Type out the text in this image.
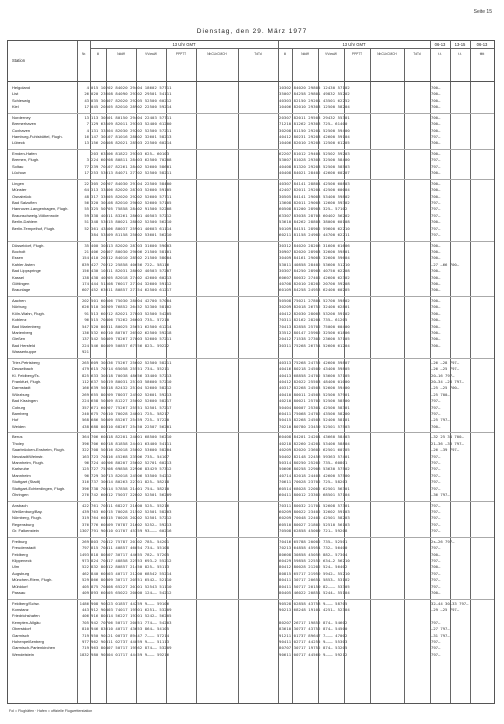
Seite 15
Dienstag, den 29. März 1977
Station
13 Uhr GMT	13 Uhr GMT	06-13	13-15	06-13
Nr.	iii	Nddff	VVwwW	PPPTT	NhCLhCMCH	TdTd	iii	Nddff	VVwwW	PPPTT	NhCLhCMCH	TdTd	t.t.	t.t.	ttttt
Helgoland	4 015 10202 84020 29404 18602 57711	10302 84020 29805 12430 57102	700—
List	26 020 23608 84090 29302 29501 54111	35007 84258 29801 49832 55202	700—
Schleswig	43 035 30407 82020 29205 52500 60212	40303 82150 29201 43501 62252	700—
Kiel	17 045 20505 82010 28902 22500 59214	10406 82010 29303 12500 58204	700—
Norderney	13 113 30501 80150 29404 22403 57711	20307 82011 29503 29432 55301	700—
Bremerhaven	7 129 63509 82011 29303 52400 61200	71210 81262 29303 725— 61400	700—
Cuxhaven	4 131 33304 82030 29202 52500 57211	30208 81150 29201 52500 59400	700—
Hamburg-Fuhlsbüttel, Flugh.	16 147 30107 81016 28802 32601 58213	40412 80231 29203 42600 59104	797—
Lübeck	13 156 20408 82021 28503 22500 60214	10406 82010 29203 12500 61205	700—
Emden-Hafen	203 63306 81822 29303 625— 60103	62207 81012 29404 52502 59203	700—
Bremen, Flugh.	3 224 60208 80811 28403 62500 70208	53007 81028 29303 32500 58400	797—
Soltau	77 239 70107 82261 28402 52600 58601	40408 81320 29203 52500 58503	797—
Lüchow	17 253 53613 84071 27702 52500 58211	40408 84021 28402 42600 60207	700—
Lingen	22 305 20207 84030 29104 22500 58400	40307 84141 28804 42500 60803	700—
Münster	64 313 33406 82020 28703 52600 59105	42407 82011 29204 42500 60004	700—
Osnabrück	48 317 33605 82020 29202 52600 57711	30505 84141 29003 53400 59802	700—
Bad Salzuflen	56 320 30108 82010 29002 52600 57105	13608 82011 29003 12600 59302	797—
Hannover-Langenhagen, Flugh.	55 325 50705 75858 28402 91500 52208	60508 81200 28903 325— 57102	797—
Braunschweig-Völkenrode	59 338 40311 83261 28601 40503 57212	63307 83038 28703 60402 56202	797—
Berlin-Dahlem	51 348 53615 80021 28802 52500 56210	53610 84262 28803 38000 60108	700—
Berlin-Tempelhof, Flugh.	52 361 43506 80037 25901 40603 61114	50109 84151 28902 59600 62210	797—
384 53509 81158 25802 53601 56210	60211 81158 24902 44700 62211	797—
Düsseldorf, Flugh.	35 400 30413 82020 28703 31600 59003	30312 84020 28206 31600 61606	700—
Bocholt	21 406 20407 80030 29006 21500 58101	30907 82020 28903 32600 59801	700—
Essen	154 410 20312 84010 28502 21500 58004	30409 84161 29003 32600 59604	700—
Kahler Asten	839 427 70212 25858 40656 722— 58116	53011 40858 28402 53600 51210	—27 —66 700—
Bad Lippspringe	156 430 10311 82031 28002 40503 57207	30307 84250 28903 40750 62208	700—
Kassel	138 438 40205 82018 27402 42600 60213	60607 80032 27402 42600 62302	700—
Göttingen	174 444 51508 76017 27104 32600 59112	40708 82010 28202 20700 59208	700—
Braunlage	607 452 63611 80857 27154 62500 61217	60109 84258 24953 62400 60205	700—
Aachen	202 501 60506 75030 28004 42700 57004	50508 75021 27804 52700 59802	700—
Nürburg	626 510 30209 76852 26452 52300 58102	30209 82018 26752 32400 62801	700—
Köln-Wahn, Flugh.	91 513 60212 82021 27803 52500 54205	40412 82030 28003 53200 59102	700—
Koblenz	96 515 70406 75262 26603 735— 57210	70311 82162 28204 735— 61205	700—
Bad Marienberg	547 520 80311 80025 25651 62500 61214	70413 82858 25702 75000 60400	700—
Marienberg	136 532 60210 80707 26502 62500 59218	33512 80147 25902 32500 61806	700—
Gießen	137 542 50409 78267 27003 52600 57211	20412 71538 27302 23600 57105	700—
Bad Hersfeld	224 546 80409 50857 67556 823— 59222	30311 75268 26754 52600 61204	700—
Wasserkuppe	921
Trier-Petrisberg	265 609 30536 75267 25602 52500 58211	40313 75268 24755 42600 59807	—26 —28 797—
Deuselbach	479 615 70214 65058 25551 734— 55211	40416 80218 24500 43400 59805	—26 —25 797—
Kl. Feldberg/Ts.	825 633 30518 70038 48656 33400 57213	40413 68858 24702 53600 57105	20—16 797—
Frankfurt, Flugh.	112 637 50319 80031 25103 58600 57210	40412 82022 25503 48400 01000	20—34 —28 797—
Darmstadt	166 639 50318 82432 25104 52600 58212	40317 82268 24503 52600 59400	—25 —25 700—
Würzburg	269 655 80209 78037 24502 52601 59213	40410 80011 24503 52500 57901	—25 700—
Bad Kissingen	224 658 50309 81227 25002 52600 58217	40210 80021 25702 52500 58500	797—
Coburg	357 671 60207 75267 25551 52501 57217	50404 80007 25301 42500 58301	797—
Bamberg	240 675 70510 70028 24801 725— 58217	60411 75068 24702 43500 58200	797—
Hof	568 686 50509 85267 25459 725— 57220	50415 82268 24503 52400 58101	—25 797—
Weiden	438 688 80310 68267 25450 22507 56201	70210 80780 23450 52501 57503	700—
Berus	364 706 60418 82201 24001 68500 56210	60408 84201 24204 43660 58403	—32 25 34 700—
Tholey	396 706 60218 81858 24401 63400 54111	40218 82260 24201 53400 58804	21—36 —33 797—
Saarbrücken-Ensheim, Flugh.	322 708 50316 82018 25002 53600 58204	40209 82020 23602 62501 60705	—26 —39 797—
Neustadt/Weinstr.	163 723 70416 45268 23506 735— 54107	50402 82148 22456 59363 57401	797—
Mannheim, Flugh.	96 724 40206 80207 25602 52701 60213	50314 80250 25202 735— 60801	797—
Karlsruhe	125 727 75208 69858 22906 83429 57312	50606 80258 22906 53630 57502	797—
Mannheim	96 729 30713 82018 24506 53500 54212	40714 82018 24403 42600 57500	797—
Stuttgart (Stadt)	316 737 30614 80263 22701 825— 58218	70611 70028 23702 725— 58203	797—
Stuttgart-Echterdingen, Flugh.	396 738 70514 57858 21401 754— 58210	60514 68028 22002 62501 56301	797—
Öhringen	276 742 60612 75037 22802 52501 56209	60411 80012 23302 68501 57104	—36 797—
Ansbach	422 761 70311 68227 21600 525— 55216	70311 80032 21701 52608 57301	797—
Weißenburg/Bay.	439 763 60215 70028 21502 52501 58203	60209 80022 23402 32602 59103	797—
Nürnberg, Flugh.	319 764 60315 70028 20202 52501 57212	60209 70048 22402 42501 58203	797—
Regensburg	376 776 60509 70787 21602 5252— 59213	60510 80027 21802 52510 56103	797—
Gr. Falkenstein	1307 791 90510 01707 45359 93——— 60216	70508 62858 45009 721— 59208	797—
Freiburg	269 803 70412 75787 20102 785— 54201	70416 65788 20002 735— 52501	2s—26 797—
Freudenstadt	797 815 70411 40857 46054 734— 55108	70213 64858 45954 732— 56400	797—
Feldberg	1493 818 80507 30717 44655 782— 57205	80608 30858 45056 882— 57304	700—
Klippeneck	973 824 70417 48858 22553 693—2 55212	60429 59858 22552 634—2 56210	797—
Ulm	522 832 80312 80857 21450 825— 55113	80412 80028 21202 524— 56402	700—
Augsburg	462 840 60503 40717 21200 68542 55214	80815 65717 21950 5942— 55210	797—
München-Riem, Flugh.	529 866 80309 30717 20551 6542— 52110	80411 30717 20651 5853— 53102	797—
Mühldorf	405 875 70408 65227 20101 52543 51110	80411 50717 20150 82——— 53305	797—
Passau	409 893 60505 65022 20000 124—— 54212	80405 46022 20851 5244— 55104	700—
Feldberg/Schw.	1486 908 90523 01857 44259 9——— 59106	90528 02858 43758 9——— 58705	32—44 30—33 797—
Konstanz	443 912 90403 74017 19501 6251— 53209	90213 68248 19101 4251— 52304	—29 —25 797—
Friedrichshafen	406 916 80414 56227 19301 5242— 56205
Kempten-Allgäu	705 942 70706 50717 20051 774—— 54203	80207 26717 19852 874— 54602	797—
Oberstdorf	810 946 83610 40717 43653 864— 54105	83610 30737 43752 874— 54500	—27 797—
Garmisch	719 950 90121 00737 89447 7——— 57214	91211 01737 89647 7——— 47002	—31 797—
Hohenpeißenberg	977 962 90311 02737 44059 9——— 51113	90411 02717 44255 9——— 55303	797—
Garmisch-Partenkirchen	719 963 80407 50717 19562 874—— 53209	80707 30717 19752 874— 53205	797—
Wendelstein	1832 980 90304 01717 44459 9——— 59216	90611 00717 44560 9——— 59212	797—
Fol = Flughäfen · Hafen = offizielle Flugwetterstation
